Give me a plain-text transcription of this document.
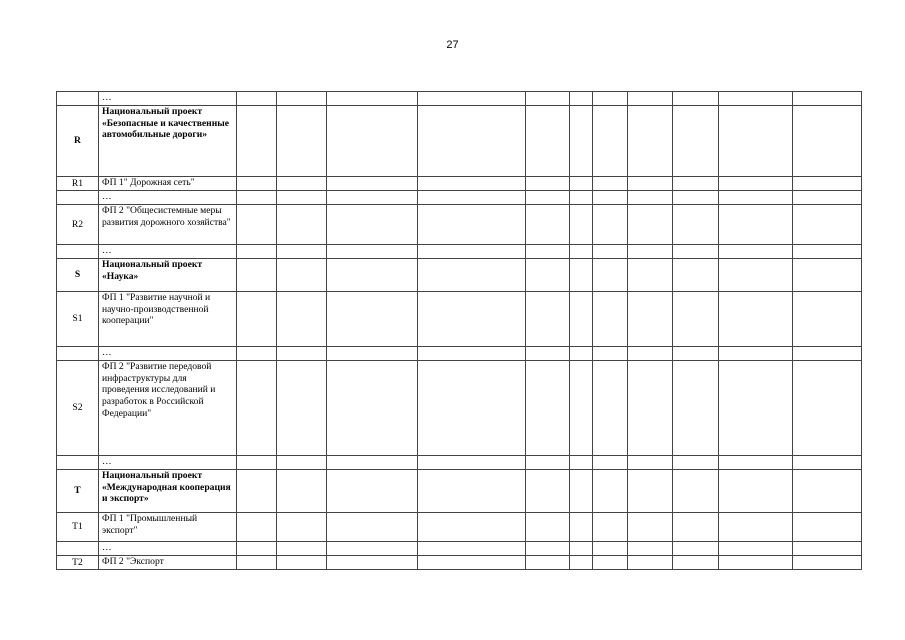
27
	…											
R	Национальный проект «Безопасные и качественные автомобильные дороги»											
R1	ФП 1" Дорожная сеть"											
	…											
R2	ФП 2 "Общесистемные меры развития дорожного хозяйства"											
	…											
S	Национальный проект «Наука»											
S1	ФП 1 "Развитие научной и научно-производственной кооперации"											
	…											
S2	ФП 2 "Развитие передовой инфраструктуры для проведения исследований и разработок в Российской Федерации"											
	…											
T	Национальный проект «Международная кооперация и экспорт»											
T1	ФП 1 "Промышленный экспорт"											
	…											
T2	ФП 2 "Экспорт											
